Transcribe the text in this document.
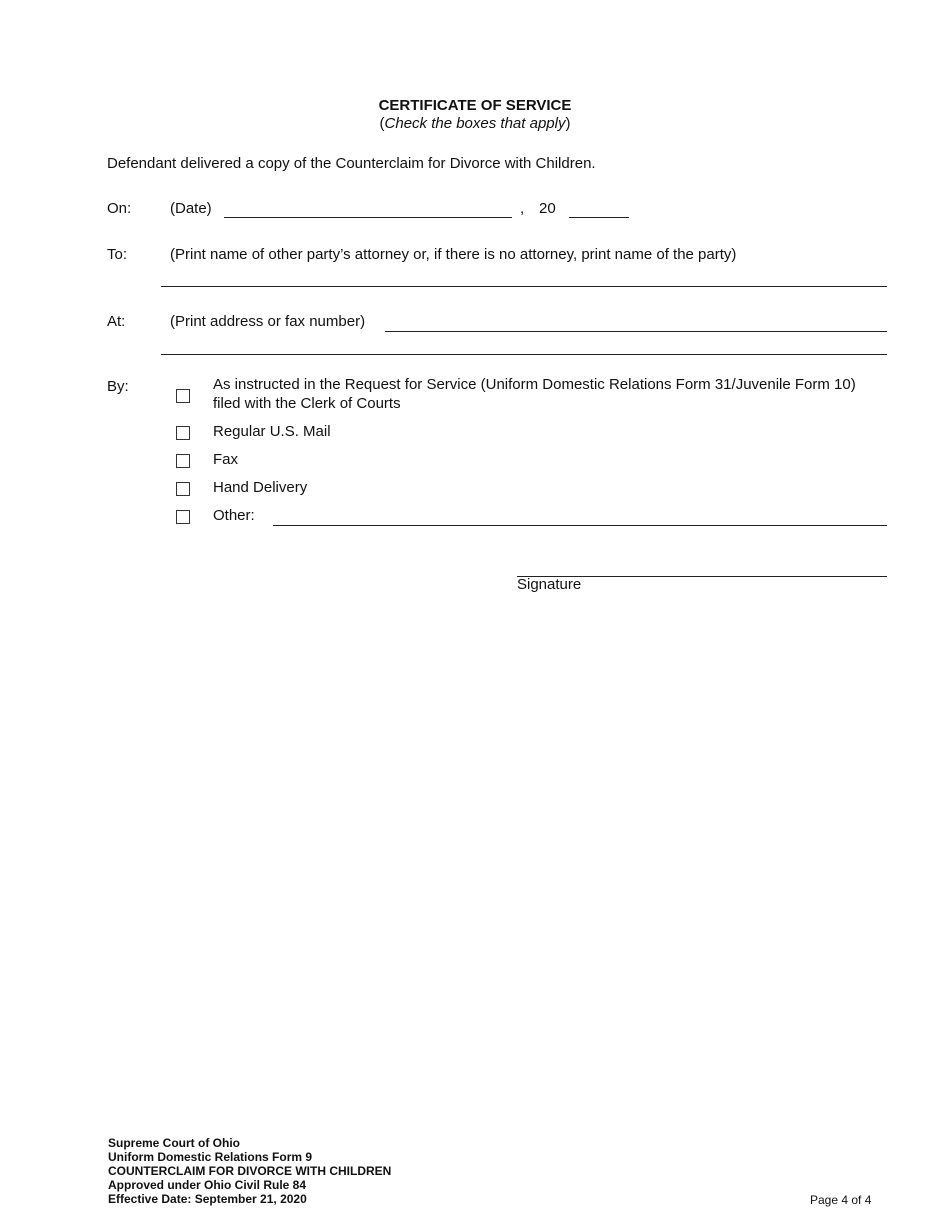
CERTIFICATE OF SERVICE
(Check the boxes that apply)
Defendant delivered a copy of the Counterclaim for Divorce with Children.
On:	(Date)	, 20
To:	(Print name of other party’s attorney or, if there is no attorney, print name of the party)
At:	(Print address or fax number)
By:	As instructed in the Request for Service (Uniform Domestic Relations Form 31/Juvenile Form 10)
filed with the Clerk of Courts
Regular U.S. Mail
Fax
Hand Delivery
Other:
Signature
Supreme Court of Ohio
Uniform Domestic Relations Form 9
COUNTERCLAIM FOR DIVORCE WITH CHILDREN
Approved under Ohio Civil Rule 84
Effective Date: September 21, 2020	Page 4 of 4
